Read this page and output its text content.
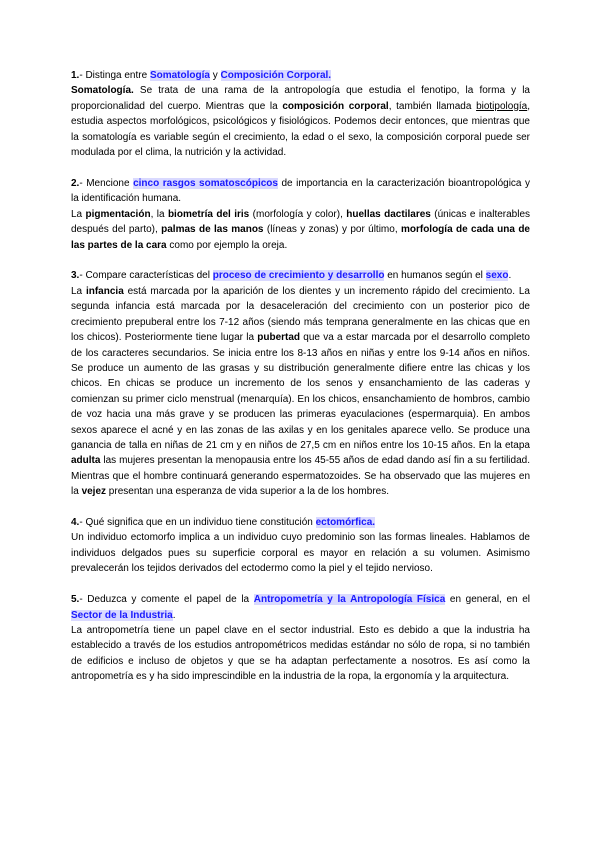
1.- Distinga entre Somatología y Composición Corporal.

Somatología. Se trata de una rama de la antropología que estudia el fenotipo, la forma y la proporcionalidad del cuerpo. Mientras que la composición corporal, también llamada biotipología, estudia aspectos morfológicos, psicológicos y fisiológicos. Podemos decir entonces, que mientras que la somatología es variable según el crecimiento, la edad o el sexo, la composición corporal puede ser modulada por el clima, la nutrición y la actividad.

2.- Mencione cinco rasgos somatoscópicos de importancia en la caracterización bioantropológica y la identificación humana.

La pigmentación, la biometría del iris (morfología y color), huellas dactilares (únicas e inalterables después del parto), palmas de las manos (líneas y zonas) y por último, morfología de cada una de las partes de la cara como por ejemplo la oreja.

3.- Compare características del proceso de crecimiento y desarrollo en humanos según el sexo.

La infancia está marcada por la aparición de los dientes y un incremento rápido del crecimiento. La segunda infancia está marcada por la desaceleración del crecimiento con un posterior pico de crecimiento prepuberal entre los 7-12 años (siendo más temprana generalmente en las chicas que en los chicos). Posteriormente tiene lugar la pubertad que va a estar marcada por el desarrollo completo de los caracteres secundarios. Se inicia entre los 8-13 años en niñas y entre los 9-14 años en niños. Se produce un aumento de las grasas y su distribución generalmente difiere entre las chicas y los chicos. En chicas se produce un incremento de los senos y ensanchamiento de las caderas y comienzan su primer ciclo menstrual (menarquía). En los chicos, ensanchamiento de hombros, cambio de voz hacia una más grave y se producen las primeras eyaculaciones (espermarquia). En ambos sexos aparece el acné y en las zonas de las axilas y en los genitales aparece vello. Se produce una ganancia de talla en niñas de 21 cm y en niños de 27,5 cm en niños entre los 10-15 años. En la etapa adulta las mujeres presentan la menopausia entre los 45-55 años de edad dando así fin a su fertilidad. Mientras que el hombre continuará generando espermatozoides. Se ha observado que las mujeres en la vejez presentan una esperanza de vida superior a la de los hombres.

4.- Qué significa que en un individuo tiene constitución ectomórfica.

Un individuo ectomorfo implica a un individuo cuyo predominio son las formas lineales. Hablamos de individuos delgados pues su superficie corporal es mayor en relación a su volumen. Asimismo prevalecerán los tejidos derivados del ectodermo como la piel y el tejido nervioso.

5.- Deduzca y comente el papel de la Antropometría y la Antropología Física en general, en el Sector de la Industria.

La antropometría tiene un papel clave en el sector industrial. Esto es debido a que la industria ha establecido a través de los estudios antropométricos medidas estándar no sólo de ropa, si no también de edificios e incluso de objetos y que se ha adaptan perfectamente a nosotros. Es así como la antropometría es y ha sido imprescindible en la industria de la ropa, la ergonomía y la arquitectura.
